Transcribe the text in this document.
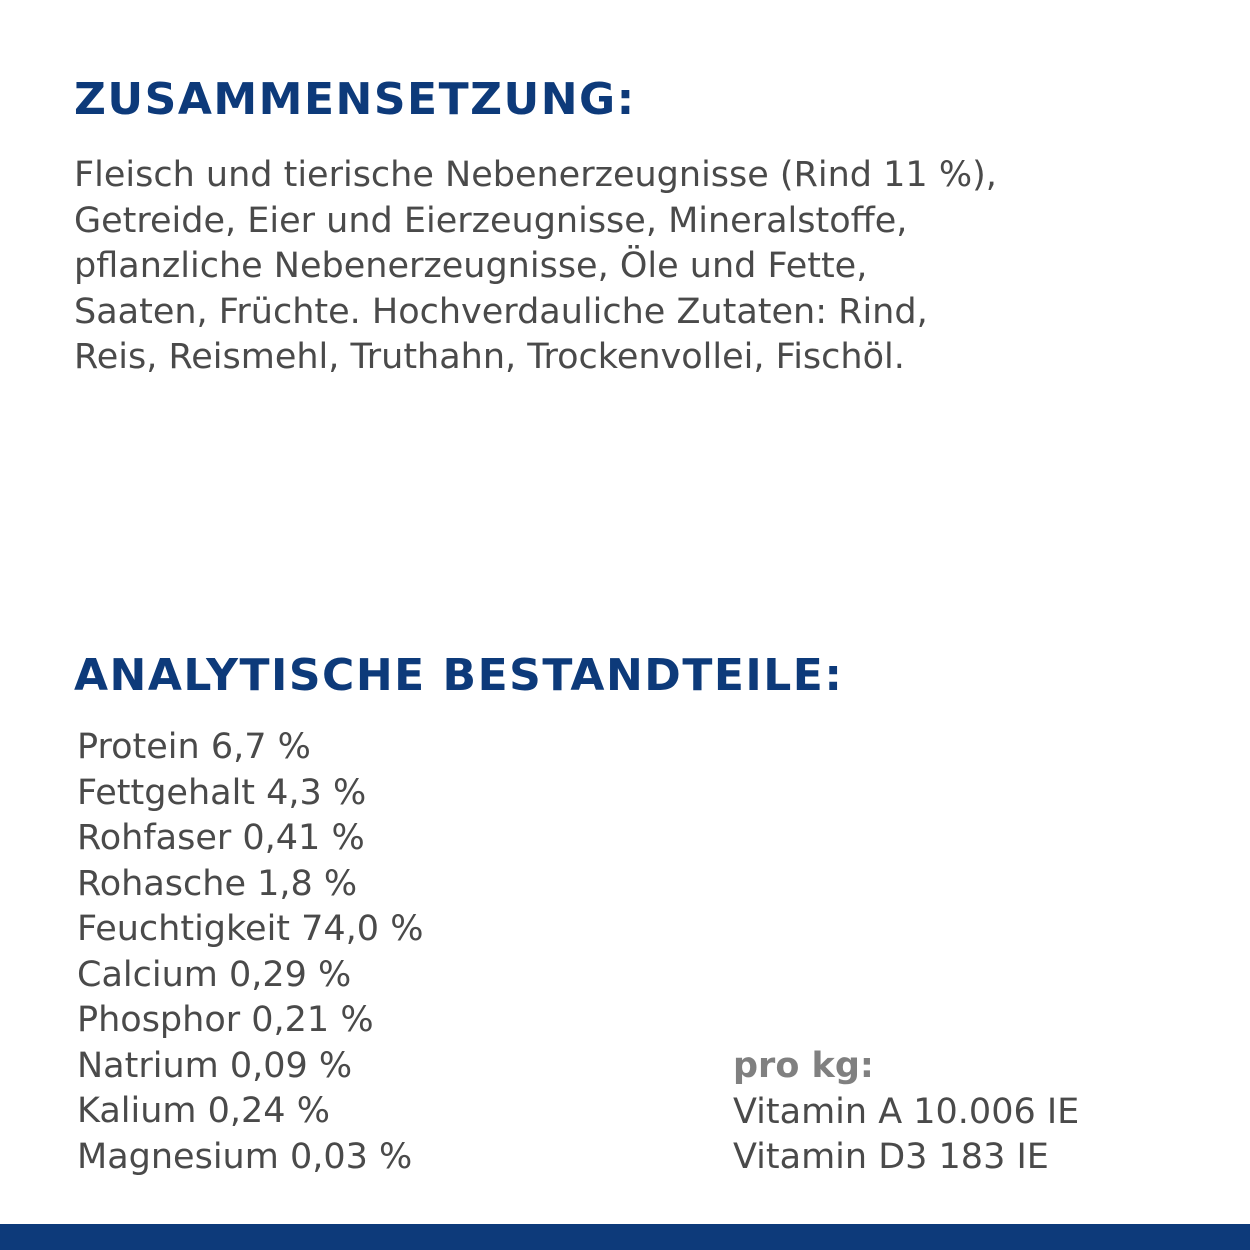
ZUSAMMENSETZUNG:

Fleisch und tierische Nebenerzeugnisse (Rind 11 %),
Getreide, Eier und Eierzeugnisse, Mineralstoffe,
pflanzliche Nebenerzeugnisse, Öle und Fette,
Saaten, Früchte. Hochverdauliche Zutaten: Rind,
Reis, Reismehl, Truthahn, Trockenvollei, Fischöl.

ANALYTISCHE BESTANDTEILE:
Protein 6,7 %
Fettgehalt 4,3 %
Rohfaser 0,41 %
Rohasche 1,8 %
Feuchtigkeit 74,0 %
Calcium 0,29 %
Phosphor 0,21 %
Natrium 0,09 %
Kalium 0,24 %
Magnesium 0,03 %
pro kg:
Vitamin A 10.006 IE
Vitamin D3 183 IE
